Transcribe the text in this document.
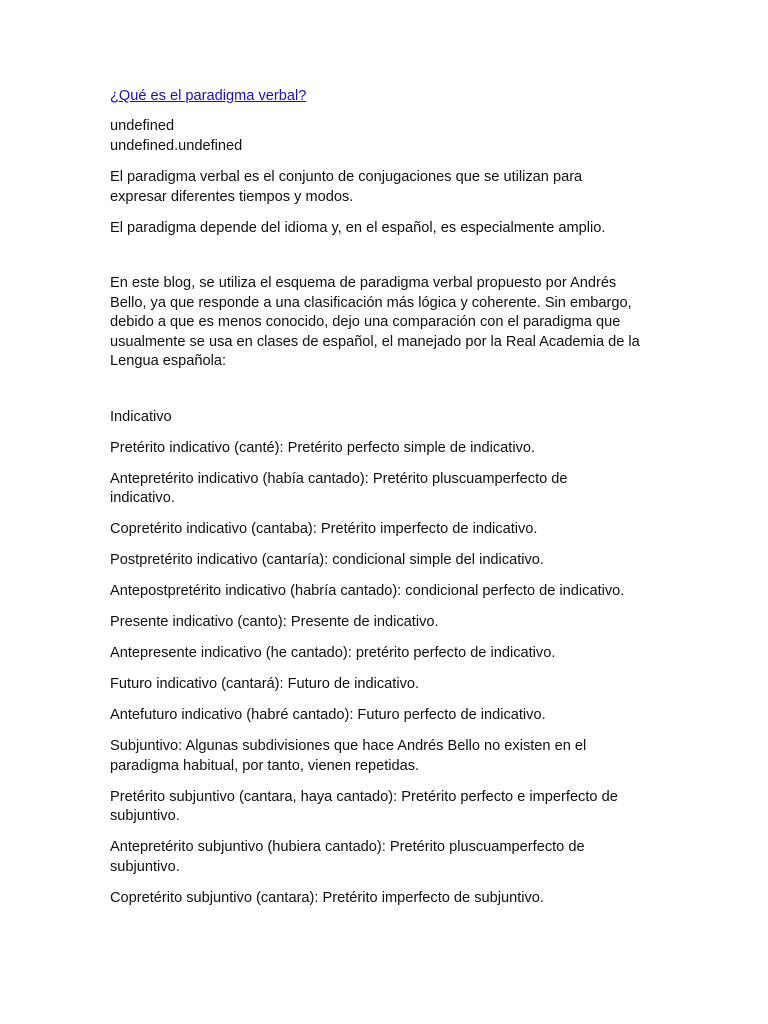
¿Qué es el paradigma verbal?

undefined

undefined.undefined

El paradigma verbal es el conjunto de conjugaciones que se utilizan para expresar diferentes tiempos y modos.

El paradigma depende del idioma y, en el español, es especialmente amplio.

En este blog, se utiliza el esquema de paradigma verbal propuesto por Andrés Bello, ya que responde a una clasificación más lógica y coherente. Sin embargo, debido a que es menos conocido, dejo una comparación con el paradigma que usualmente se usa en clases de español, el manejado por la Real Academia de la Lengua española:

Indicativo

Pretérito indicativo (canté): Pretérito perfecto simple de indicativo.

Antepretérito indicativo (había cantado): Pretérito pluscuamperfecto de indicativo.

Copretérito indicativo (cantaba): Pretérito imperfecto de indicativo.

Postpretérito indicativo (cantaría): condicional simple del indicativo.

Antepostpretérito indicativo (habría cantado): condicional perfecto de indicativo.

Presente indicativo (canto): Presente de indicativo.

Antepresente indicativo (he cantado): pretérito perfecto de indicativo.

Futuro indicativo (cantará): Futuro de indicativo.

Antefuturo indicativo (habré cantado): Futuro perfecto de indicativo.

Subjuntivo: Algunas subdivisiones que hace Andrés Bello no existen en el paradigma habitual, por tanto, vienen repetidas.

Pretérito subjuntivo (cantara, haya cantado): Pretérito perfecto e imperfecto de subjuntivo.

Antepretérito subjuntivo (hubiera cantado): Pretérito pluscuamperfecto de subjuntivo.

Copretérito subjuntivo (cantara): Pretérito imperfecto de subjuntivo.
